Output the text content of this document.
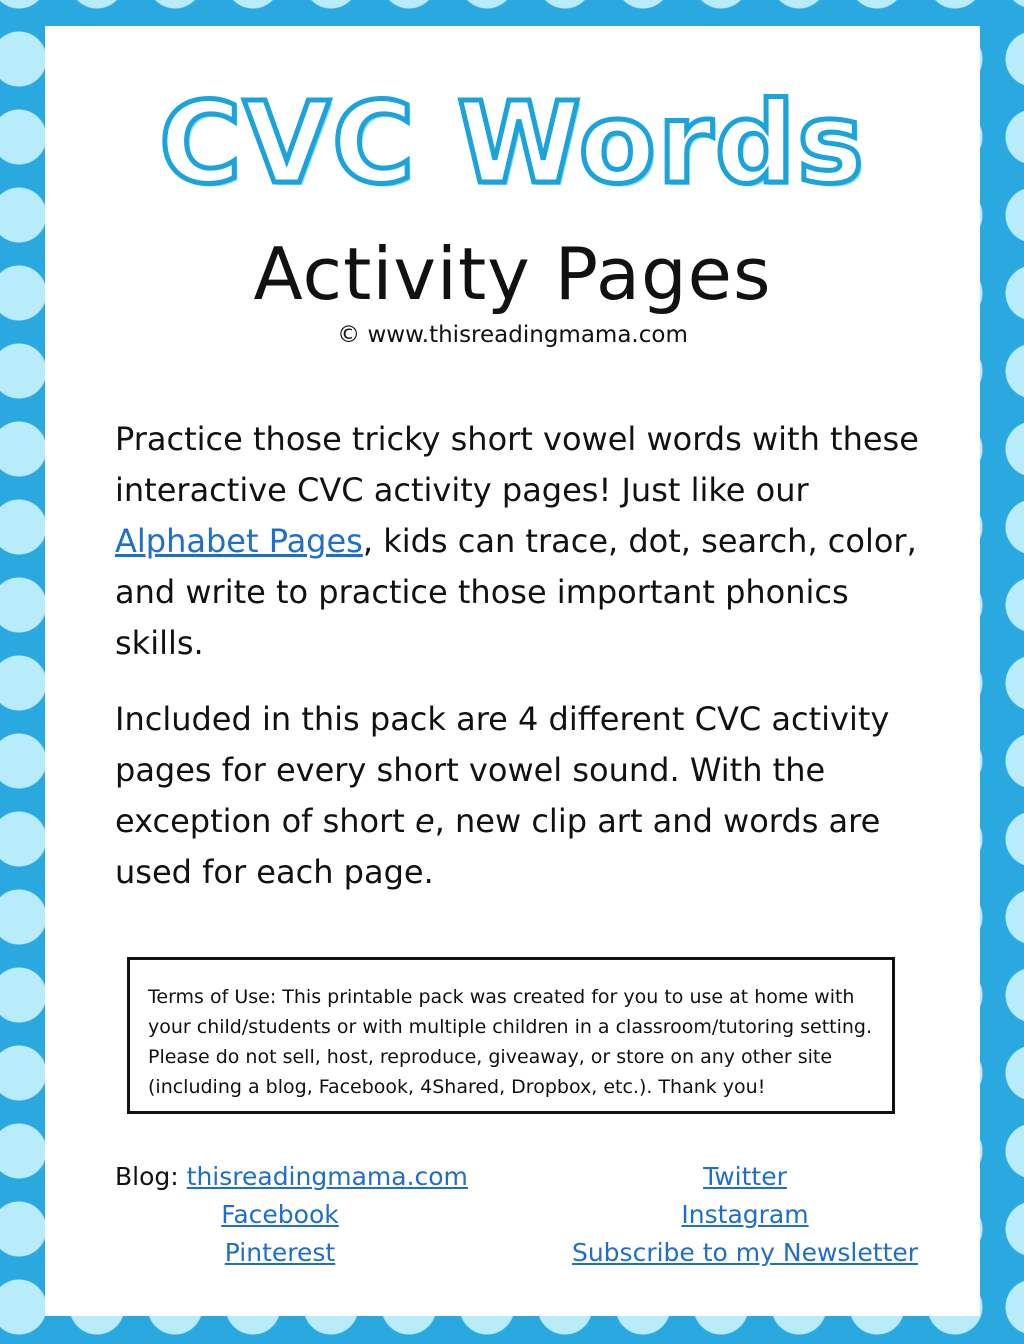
CVC Words
Activity Pages
© www.thisreadingmama.com
Practice those tricky short vowel words with these interactive CVC activity pages! Just like our Alphabet Pages, kids can trace, dot, search, color, and write to practice those important phonics skills.
Included in this pack are 4 different CVC activity pages for every short vowel sound. With the exception of short e, new clip art and words are used for each page.
Terms of Use: This printable pack was created for you to use at home with your child/students or with multiple children in a classroom/tutoring setting. Please do not sell, host, reproduce, giveaway, or store on any other site (including a blog, Facebook, 4Shared, Dropbox, etc.). Thank you!
Blog: thisreadingmama.com
Facebook
Pinterest
Twitter
Instagram
Subscribe to my Newsletter
